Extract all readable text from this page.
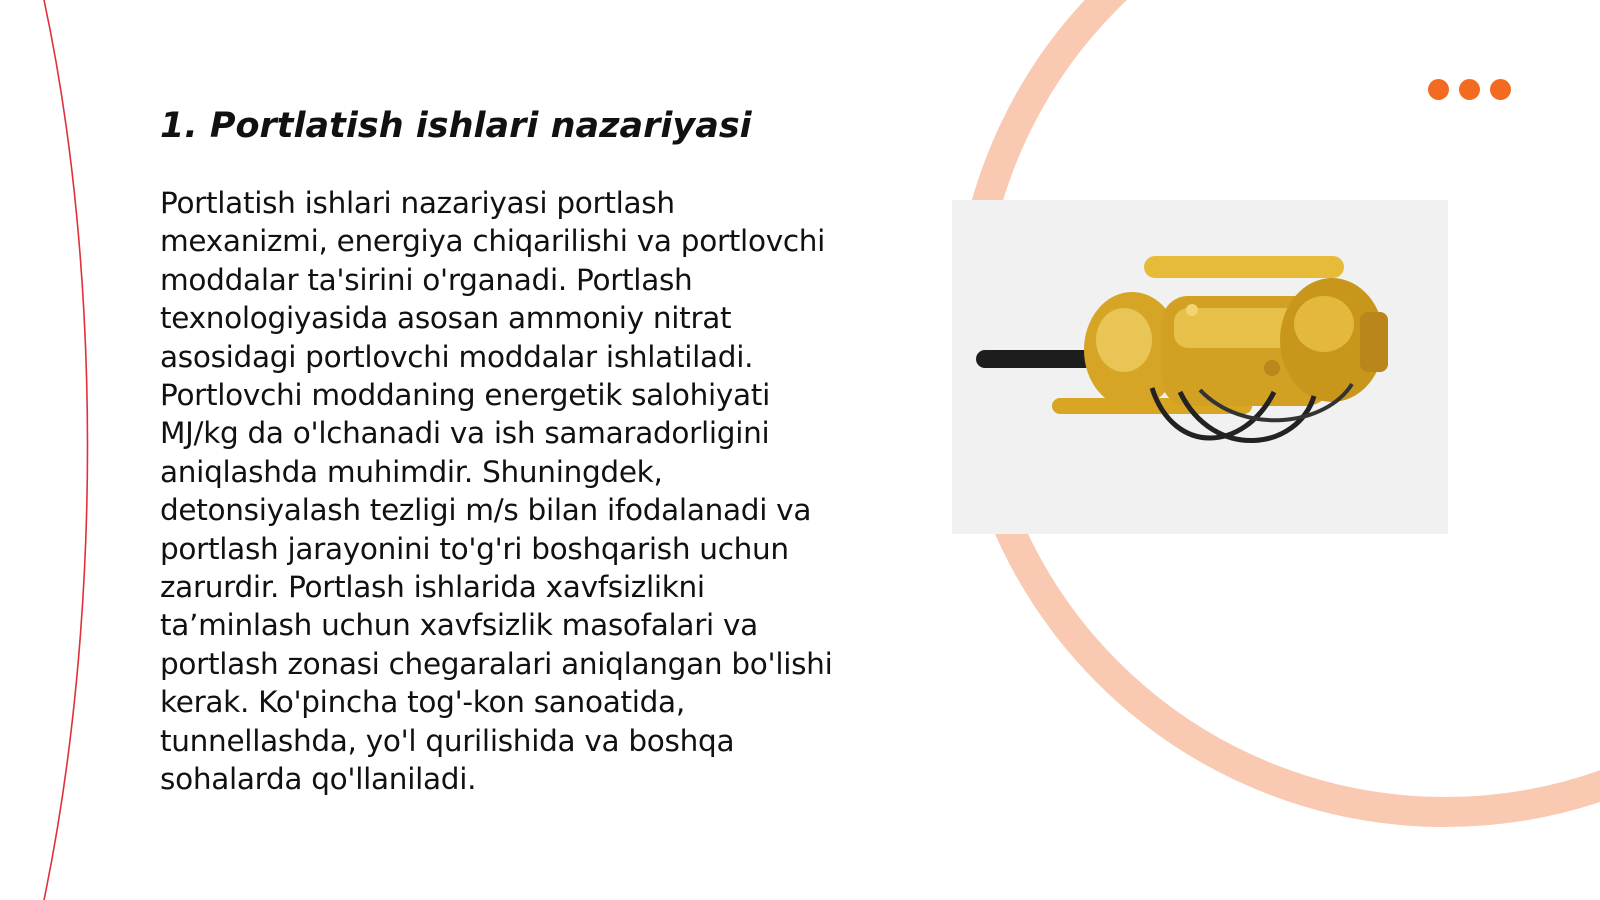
1. Portlatish ishlari nazariyasi

Portlatish ishlari nazariyasi portlash mexanizmi, energiya chiqarilishi va portlovchi moddalar ta'sirini o'rganadi. Portlash texnologiyasida asosan ammoniy nitrat asosidagi portlovchi moddalar ishlatiladi. Portlovchi moddaning energetik salohiyati MJ/kg da o'lchanadi va ish samaradorligini aniqlashda muhimdir. Shuningdek, detonsiyalash tezligi m/s bilan ifodalanadi va portlash jarayonini to'g'ri boshqarish uchun zarurdir. Portlash ishlarida xavfsizlikni ta’minlash uchun xavfsizlik masofalari va portlash zonasi chegaralari aniqlangan bo'lishi kerak. Ko'pincha tog'-kon sanoatida, tunnellashda, yo'l qurilishida va boshqa sohalarda qo'llaniladi.
